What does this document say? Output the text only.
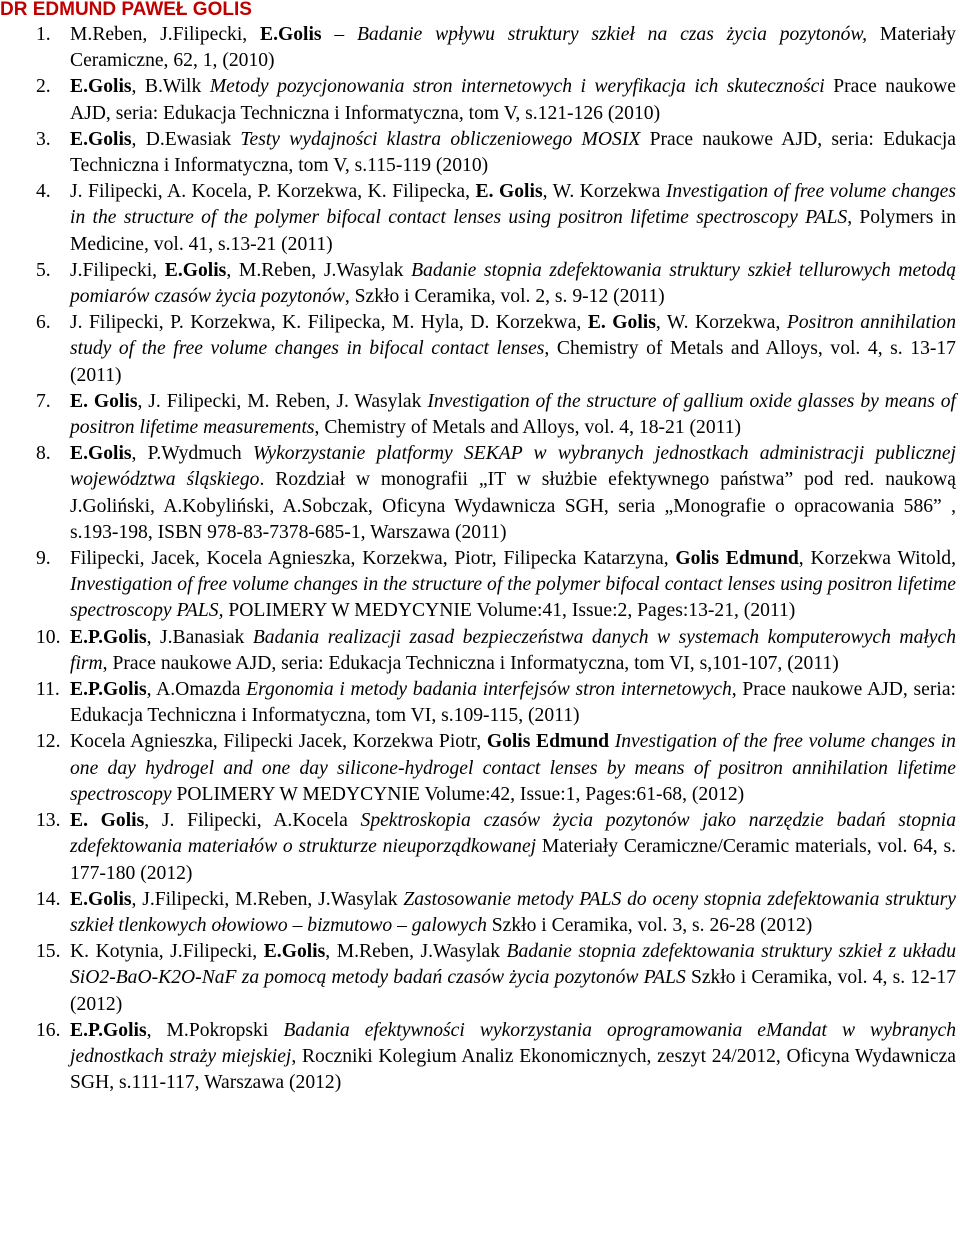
DR EDMUND PAWEŁ GOLIS
1. M.Reben, J.Filipecki, E.Golis – Badanie wpływu struktury szkieł na czas życia pozytonów, Materiały Ceramiczne, 62, 1, (2010)
2. E.Golis, B.Wilk Metody pozycjonowania stron internetowych i weryfikacja ich skuteczności Prace naukowe AJD, seria: Edukacja Techniczna i Informatyczna, tom V, s.121-126 (2010)
3. E.Golis, D.Ewasiak Testy wydajności klastra obliczeniowego MOSIX Prace naukowe AJD, seria: Edukacja Techniczna i Informatyczna, tom V, s.115-119 (2010)
4. J. Filipecki, A. Kocela, P. Korzekwa, K. Filipecka, E. Golis, W. Korzekwa Investigation of free volume changes in the structure of the polymer bifocal contact lenses using positron lifetime spectroscopy PALS, Polymers in Medicine, vol. 41, s.13-21 (2011)
5. J.Filipecki, E.Golis, M.Reben, J.Wasylak Badanie stopnia zdefektowania struktury szkieł tellurowych metodą pomiarów czasów życia pozytonów, Szkło i Ceramika, vol. 2, s. 9-12 (2011)
6. J. Filipecki, P. Korzekwa, K. Filipecka, M. Hyla, D. Korzekwa, E. Golis, W. Korzekwa, Positron annihilation study of the free volume changes in bifocal contact lenses, Chemistry of Metals and Alloys, vol. 4, s. 13-17 (2011)
7. E. Golis, J. Filipecki, M. Reben, J. Wasylak Investigation of the structure of gallium oxide glasses by means of positron lifetime measurements, Chemistry of Metals and Alloys, vol. 4, 18-21 (2011)
8. E.Golis, P.Wydmuch Wykorzystanie platformy SEKAP w wybranych jednostkach administracji publicznej województwa śląskiego. Rozdział w monografii „IT w służbie efektywnego państwa” pod red. naukową J.Goliński, A.Kobyliński, A.Sobczak, Oficyna Wydawnicza SGH, seria „Monografie o opracowania 586” , s.193-198, ISBN 978-83-7378-685-1, Warszawa (2011)
9. Filipecki, Jacek, Kocela Agnieszka, Korzekwa, Piotr, Filipecka Katarzyna, Golis Edmund, Korzekwa Witold, Investigation of free volume changes in the structure of the polymer bifocal contact lenses using positron lifetime spectroscopy PALS, POLIMERY W MEDYCYNIE Volume:41, Issue:2, Pages:13-21, (2011)
10. E.P.Golis, J.Banasiak Badania realizacji zasad bezpieczeństwa danych w systemach komputerowych małych firm, Prace naukowe AJD, seria: Edukacja Techniczna i Informatyczna, tom VI, s,101-107, (2011)
11. E.P.Golis, A.Omazda Ergonomia i metody badania interfejsów stron internetowych, Prace naukowe AJD, seria: Edukacja Techniczna i Informatyczna, tom VI, s.109-115, (2011)
12. Kocela Agnieszka, Filipecki Jacek, Korzekwa Piotr, Golis Edmund Investigation of the free volume changes in one day hydrogel and one day silicone-hydrogel contact lenses by means of positron annihilation lifetime spectroscopy POLIMERY W MEDYCYNIE Volume:42, Issue:1, Pages:61-68, (2012)
13. E. Golis, J. Filipecki, A.Kocela Spektroskopia czasów życia pozytonów jako narzędzie badań stopnia zdefektowania materiałów o strukturze nieuporządkowanej Materiały Ceramiczne/Ceramic materials, vol. 64, s. 177-180 (2012)
14. E.Golis, J.Filipecki, M.Reben, J.Wasylak Zastosowanie metody PALS do oceny stopnia zdefektowania struktury szkieł tlenkowych ołowiowo – bizmutowo – galowych Szkło i Ceramika, vol. 3, s. 26-28 (2012)
15. K. Kotynia, J.Filipecki, E.Golis, M.Reben, J.Wasylak Badanie stopnia zdefektowania struktury szkieł z układu SiO2-BaO-K2O-NaF za pomocą metody badań czasów życia pozytonów PALS Szkło i Ceramika, vol. 4, s. 12-17 (2012)
16. E.P.Golis, M.Pokropski Badania efektywności wykorzystania oprogramowania eMandat w wybranych jednostkach straży miejskiej, Roczniki Kolegium Analiz Ekonomicznych, zeszyt 24/2012, Oficyna Wydawnicza SGH, s.111-117, Warszawa (2012)
